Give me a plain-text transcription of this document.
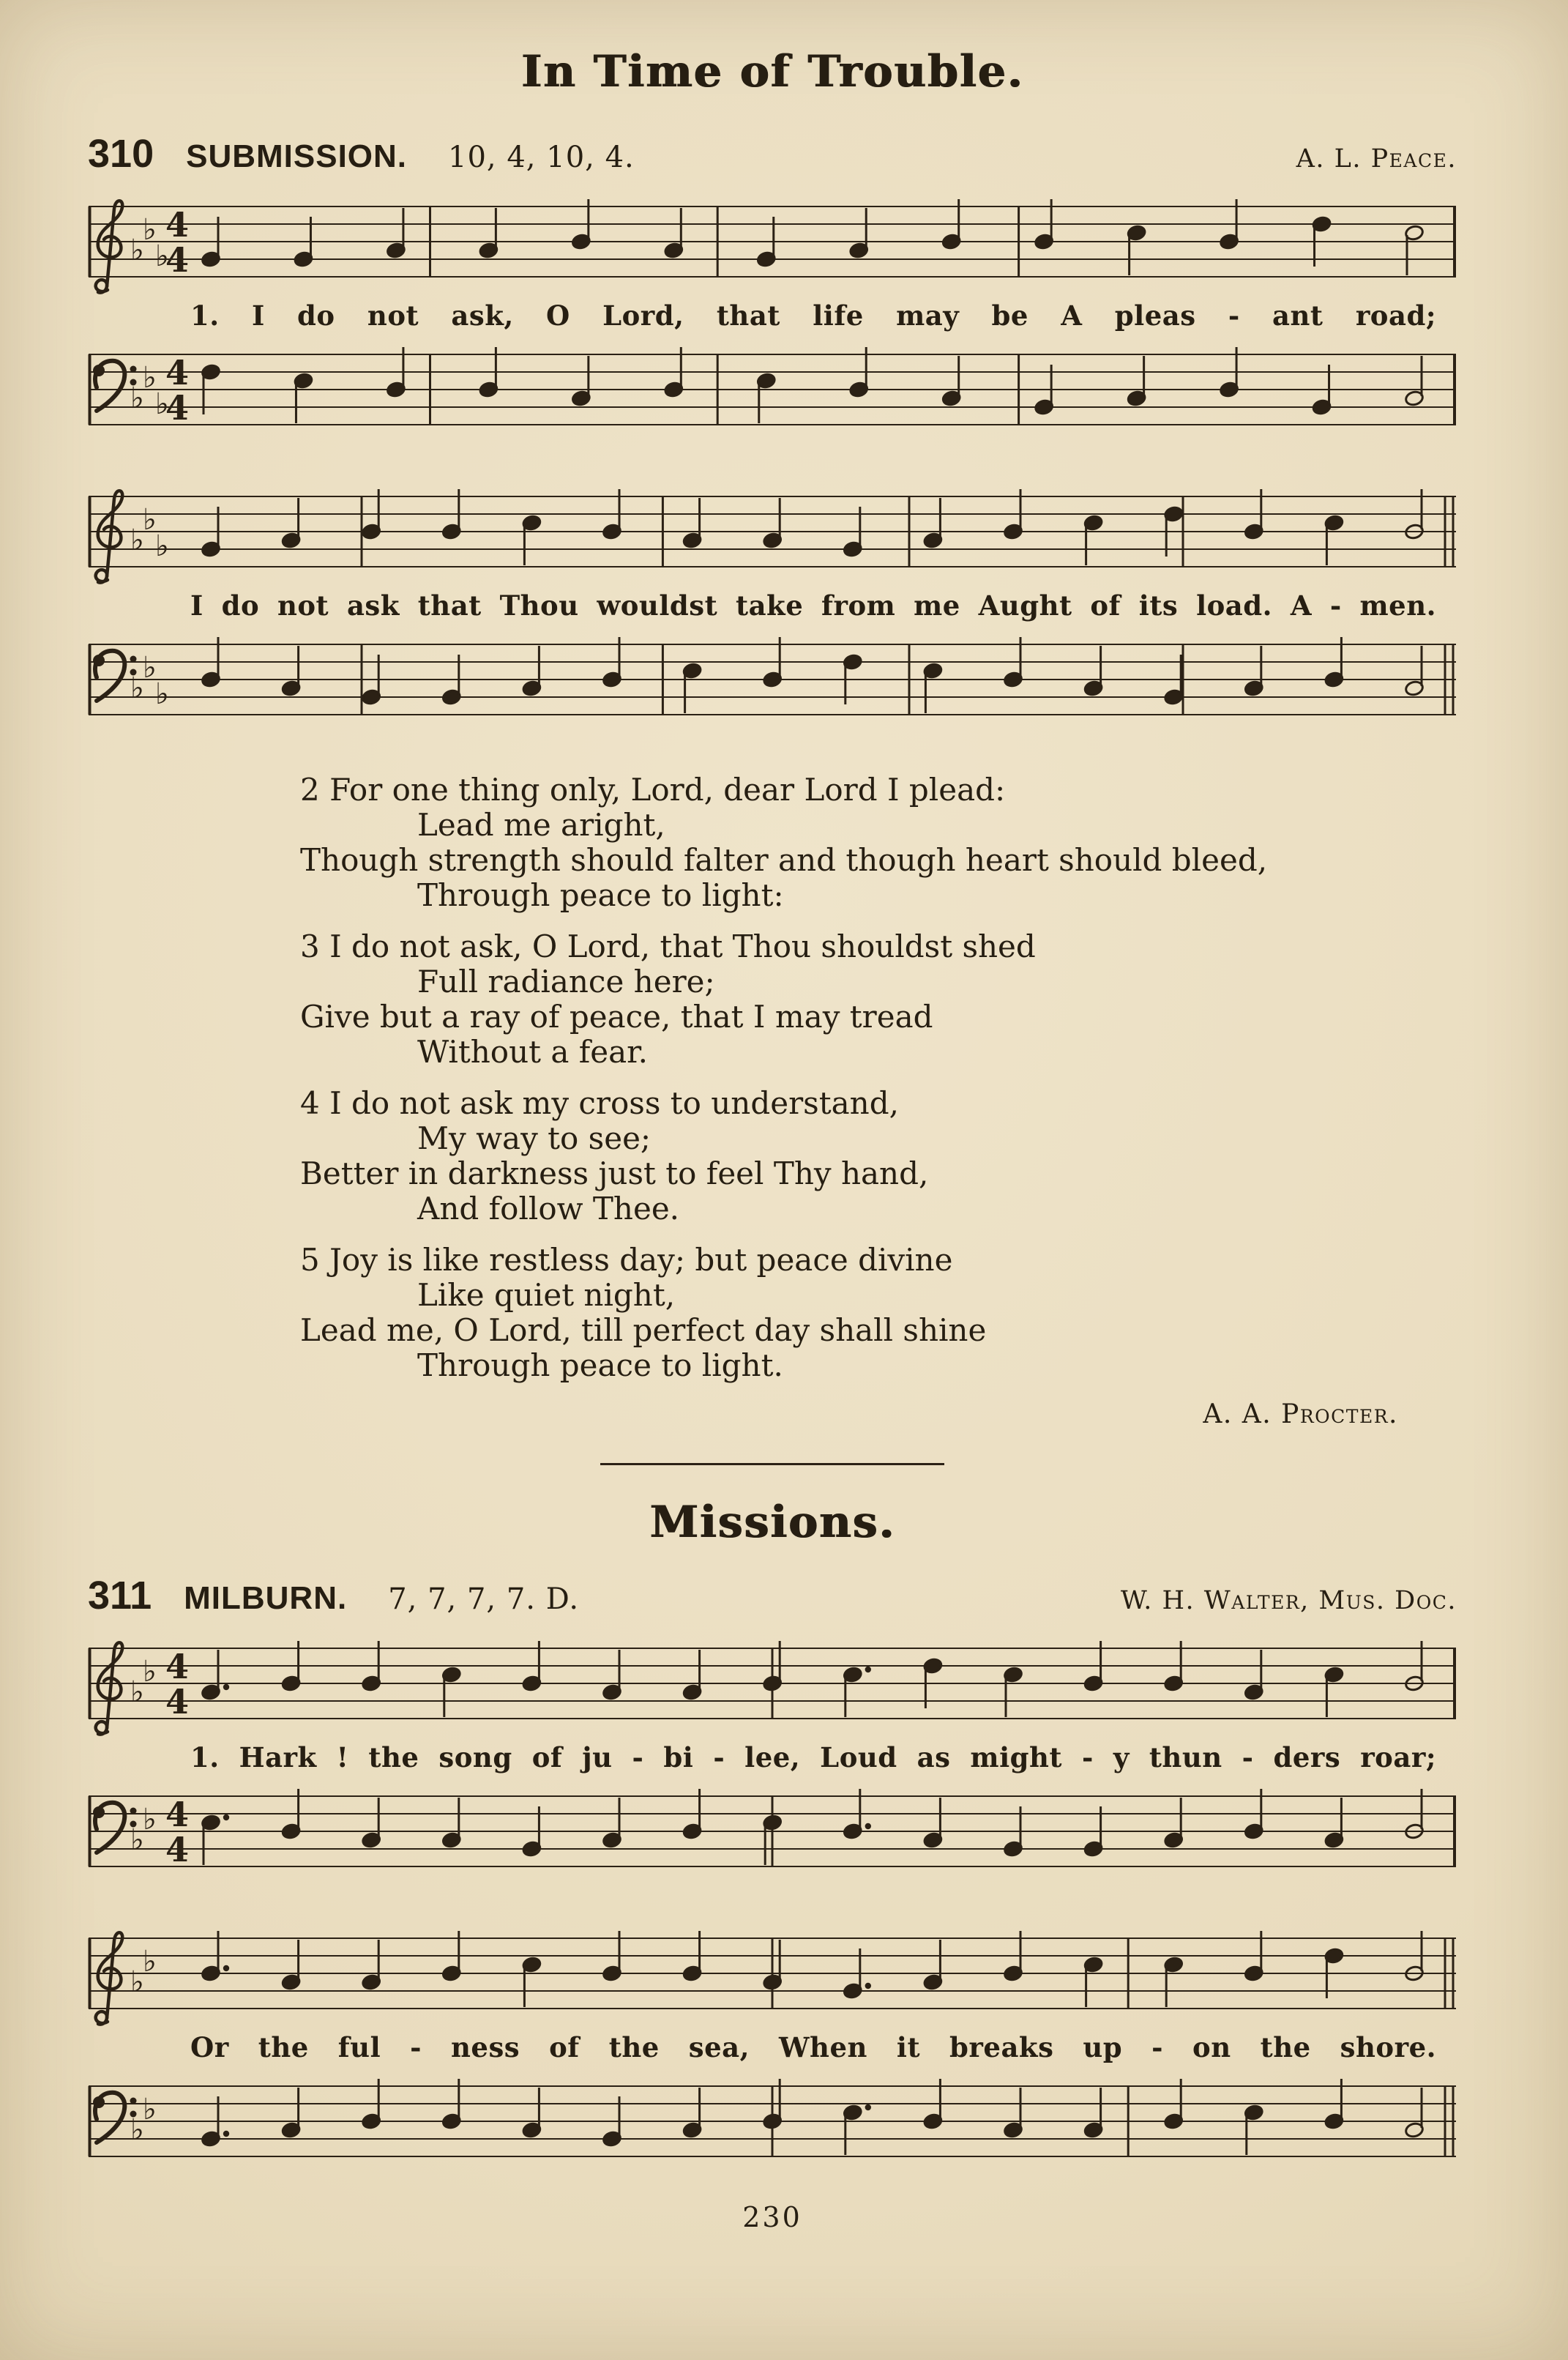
In Time of Trouble.
310 SUBMISSION. 10, 4, 10, 4.	A. L. Peace.
♭
♭
♭
4
4
1. I do not ask, O Lord, that life may be A pleas - ant road;
♭
♭
♭
4
4
♭
♭
♭
I do not ask that Thou wouldst take from me Aught of its load. A - men.
♭
♭
♭

2 For one thing only, Lord, dear Lord I plead:
Lead me aright,
Though strength should falter and though heart should bleed,
Through peace to light:

3 I do not ask, O Lord, that Thou shouldst shed
Full radiance here;
Give but a ray of peace, that I may tread
Without a fear.

4 I do not ask my cross to understand,
My way to see;
Better in darkness just to feel Thy hand,
And follow Thee.

5 Joy is like restless day; but peace divine
Like quiet night,
Lead me, O Lord, till perfect day shall shine
Through peace to light.

A. A. Procter.
Missions.
311 MILBURN. 7, 7, 7, 7. D.	W. H. Walter, Mus. Doc.
♭
♭ 4
4
1. Hark ! the song of ju - bi - lee, Loud as might - y thun - ders roar;
♭
♭ 4
4
♭
♭
Or the ful - ness of the sea, When it breaks up - on the shore.
♭
♭
230
